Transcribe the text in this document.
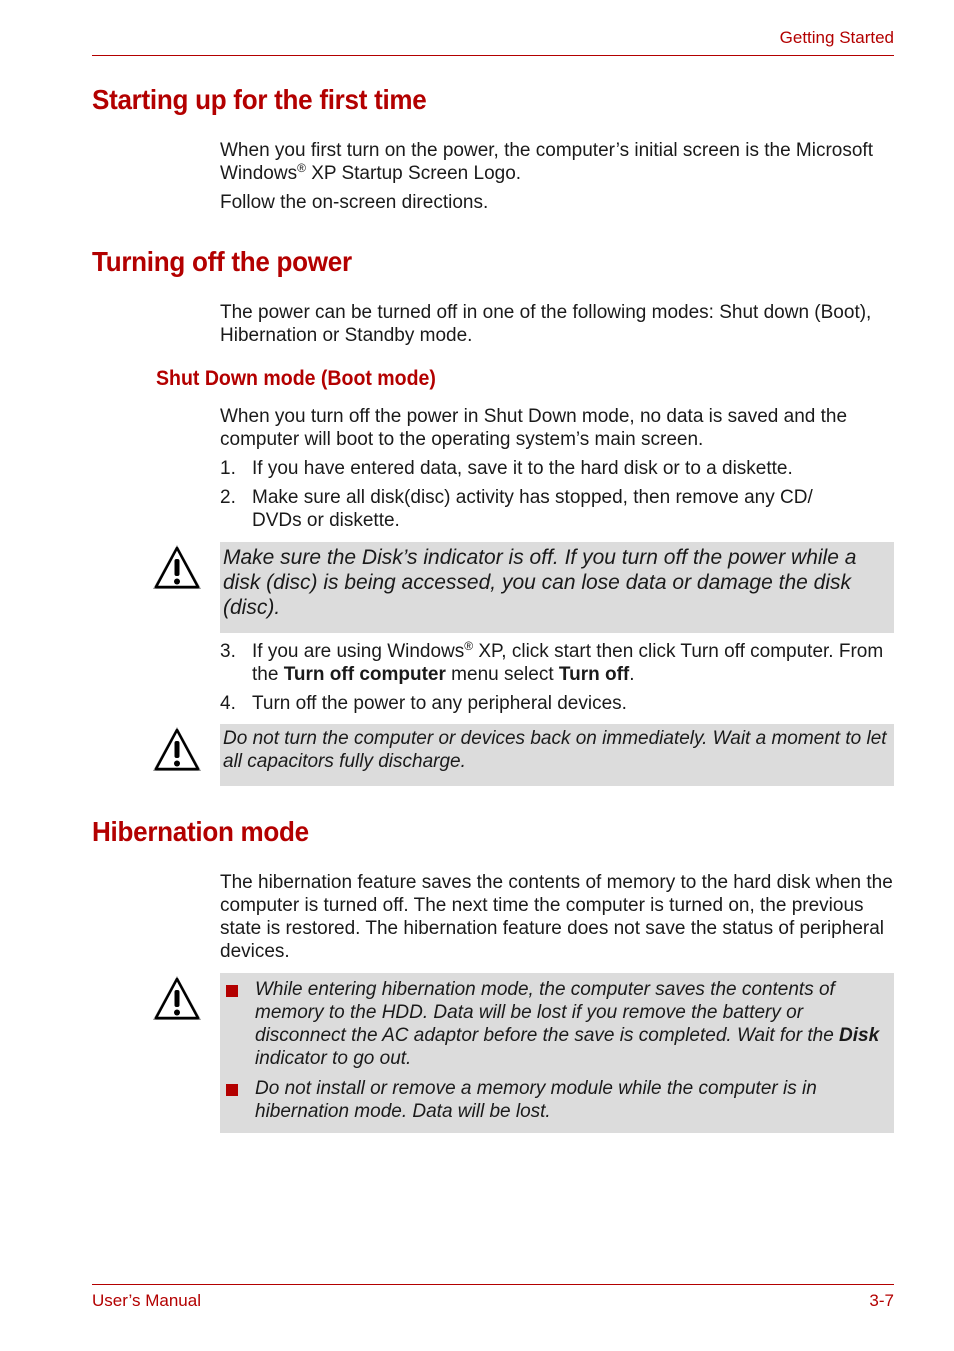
Getting Started
User’s Manual	3-7
Starting up for the first time

When you first turn on the power, the computer’s initial screen is the Microsoft Windows® XP Startup Screen Logo.

Follow the on-screen directions.

Turning off the power

The power can be turned off in one of the following modes: Shut down (Boot), Hibernation or Standby mode.

Shut Down mode (Boot mode)

When you turn off the power in Shut Down mode, no data is saved and the computer will boot to the operating system’s main screen.

1. If you have entered data, save it to the hard disk or to a diskette.
2. Make sure all disk(disc) activity has stopped, then remove any CD/ DVDs or diskette.

Make sure the Disk’s indicator is off. If you turn off the power while a disk (disc) is being accessed, you can lose data or damage the disk (disc).

3. If you are using Windows® XP, click start then click Turn off computer. From the Turn off computer menu select Turn off.
4. Turn off the power to any peripheral devices.

Do not turn the computer or devices back on immediately. Wait a moment to let all capacitors fully discharge.

Hibernation mode

The hibernation feature saves the contents of memory to the hard disk when the computer is turned off. The next time the computer is turned on, the previous state is restored. The hibernation feature does not save the status of peripheral devices.

While entering hibernation mode, the computer saves the contents of memory to the HDD. Data will be lost if you remove the battery or disconnect the AC adaptor before the save is completed. Wait for the Disk indicator to go out.
Do not install or remove a memory module while the computer is in hibernation mode. Data will be lost.
